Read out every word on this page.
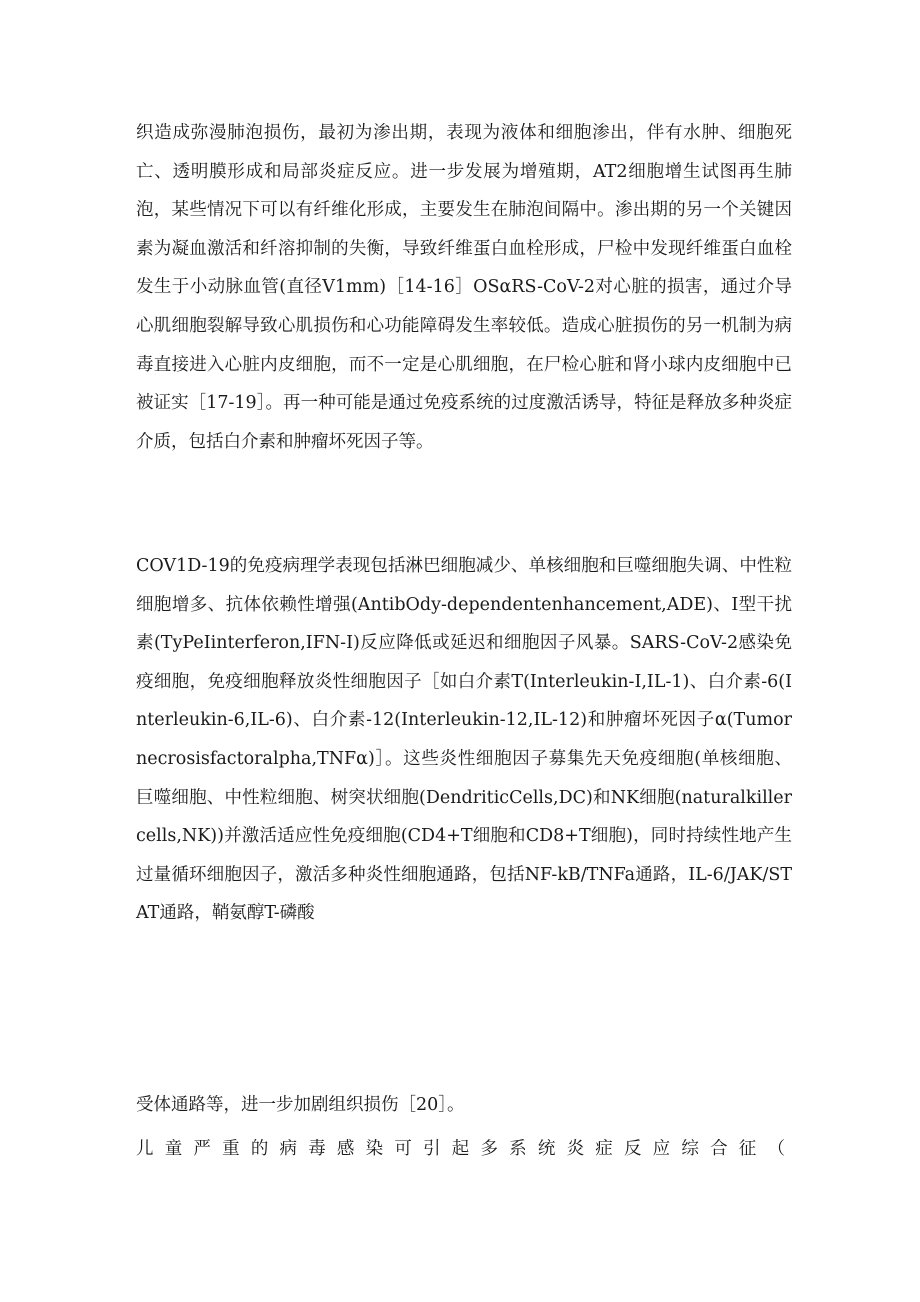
织造成弥漫肺泡损伤，最初为渗出期，表现为液体和细胞渗出，伴有水肿、细胞死亡、透明膜形成和局部炎症反应。进一步发展为增殖期，AT2细胞增生试图再生肺泡，某些情况下可以有纤维化形成，主要发生在肺泡间隔中。渗出期的另一个关键因素为凝血激活和纤溶抑制的失衡，导致纤维蛋白血栓形成，尸检中发现纤维蛋白血栓发生于小动脉血管(直径V1mm)［14-16］OSαRS-CoV-2对心脏的损害，通过介导心肌细胞裂解导致心肌损伤和心功能障碍发生率较低。造成心脏损伤的另一机制为病毒直接进入心脏内皮细胞，而不一定是心肌细胞，在尸检心脏和肾小球内皮细胞中已被证实［17-19］。再一种可能是通过免疫系统的过度激活诱导，特征是释放多种炎症介质，包括白介素和肿瘤坏死因子等。

COV1D-19的免疫病理学表现包括淋巴细胞减少、单核细胞和巨噬细胞失调、中性粒细胞增多、抗体依赖性增强(AntibOdy-dependentenhancement,ADE)、I型干扰素(TyPeIinterferon,IFN-I)反应降低或延迟和细胞因子风暴。SARS-CoV-2感染免疫细胞，免疫细胞释放炎性细胞因子［如白介素T(Interleukin-I,IL-1)、白介素-6(Interleukin-6,IL-6)、白介素-12(Interleukin-12,IL-12)和肿瘤坏死因子α(Tumornecrosisfactoralpha,TNFα)］。这些炎性细胞因子募集先天免疫细胞(单核细胞、巨噬细胞、中性粒细胞、树突状细胞(DendriticCells,DC)和NK细胞(naturalkillercells,NK))并激活适应性免疫细胞(CD4+T细胞和CD8+T细胞)，同时持续性地产生过量循环细胞因子，激活多种炎性细胞通路，包括NF-kB/TNFa通路，IL-6/JAK/STAT通路，鞘氨醇T-磷酸

受体通路等，进一步加剧组织损伤［20］。

儿童严重的病毒感染可引起多系统炎症反应综合征（
